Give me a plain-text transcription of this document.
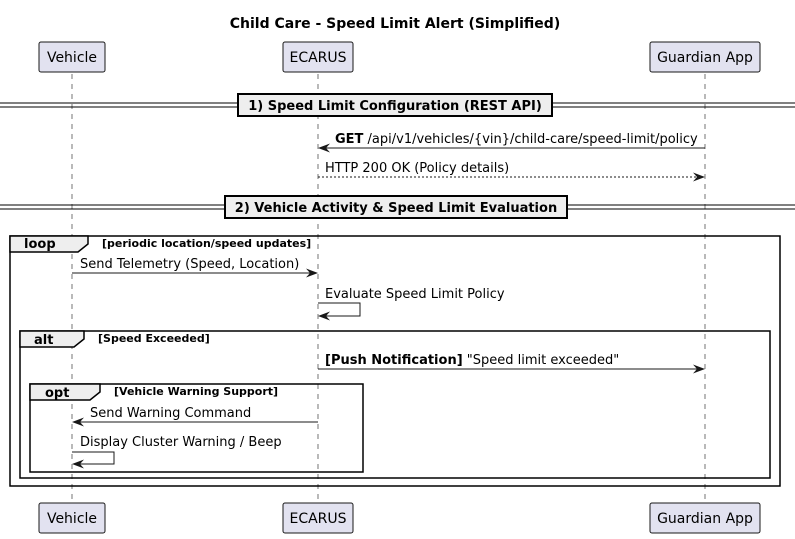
Child Care - Speed Limit Alert (Simplified)
Vehicle	ECARUS	Guardian App
Vehicle	ECARUS	Guardian App
1) Speed Limit Configuration (REST API)
GET /api/v1/vehicles/{vin}/child-care/speed-limit/policy
HTTP 200 OK (Policy details)
2) Vehicle Activity & Speed Limit Evaluation
loop	[periodic location/speed updates]
Send Telemetry (Speed, Location)
Evaluate Speed Limit Policy
alt	[Speed Exceeded]
[Push Notification] "Speed limit exceeded"
opt	[Vehicle Warning Support]
Send Warning Command
Display Cluster Warning / Beep
